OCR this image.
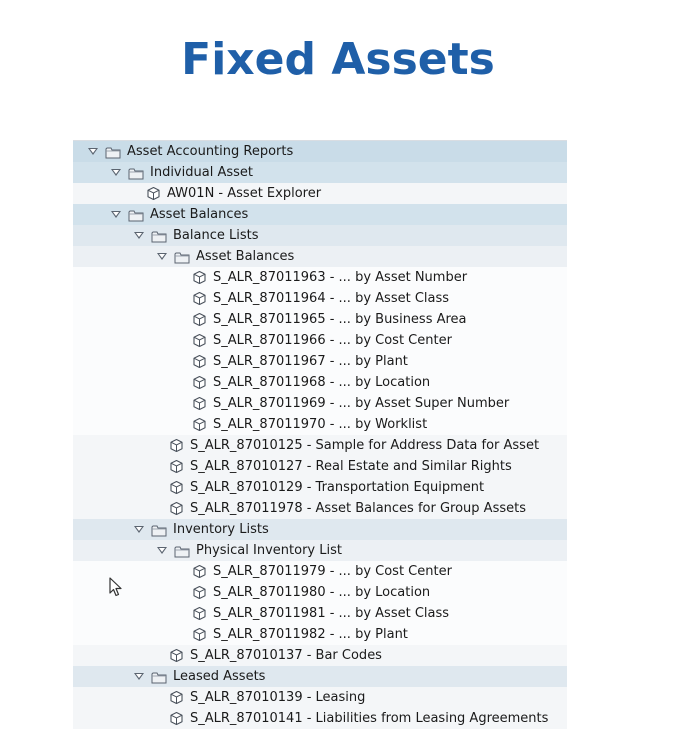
Fixed Assets
Asset Accounting Reports
Individual Asset
AW01N - Asset Explorer
Asset Balances
Balance Lists
Asset Balances
S_ALR_87011963 - ... by Asset Number
S_ALR_87011964 - ... by Asset Class
S_ALR_87011965 - ... by Business Area
S_ALR_87011966 - ... by Cost Center
S_ALR_87011967 - ... by Plant
S_ALR_87011968 - ... by Location
S_ALR_87011969 - ... by Asset Super Number
S_ALR_87011970 - ... by Worklist
S_ALR_87010125 - Sample for Address Data for Asset
S_ALR_87010127 - Real Estate and Similar Rights
S_ALR_87010129 - Transportation Equipment
S_ALR_87011978 - Asset Balances for Group Assets
Inventory Lists
Physical Inventory List
S_ALR_87011979 - ... by Cost Center
S_ALR_87011980 - ... by Location
S_ALR_87011981 - ... by Asset Class
S_ALR_87011982 - ... by Plant
S_ALR_87010137 - Bar Codes
Leased Assets
S_ALR_87010139 - Leasing
S_ALR_87010141 - Liabilities from Leasing Agreements
